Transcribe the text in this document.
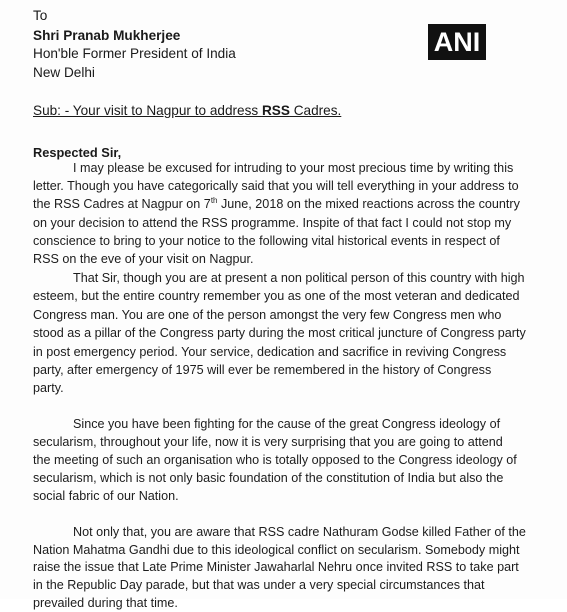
ANI
To
Shri Pranab Mukherjee
Hon'ble Former President of India
New Delhi
Sub: - Your visit to Nagpur to address RSS Cadres.
Respected Sir,
I may please be excused for intruding to your most precious time by writing this
letter. Though you have categorically said that you will tell everything in your address to
the RSS Cadres at Nagpur on 7th June, 2018 on the mixed reactions across the country
on your decision to attend the RSS programme. Inspite of that fact I could not stop my
conscience to bring to your notice to the following vital historical events in respect of
RSS on the eve of your visit on Nagpur.
That Sir, though you are at present a non political person of this country with high
esteem, but the entire country remember you as one of the most veteran and dedicated
Congress man. You are one of the person amongst the very few Congress men who
stood as a pillar of the Congress party during the most critical juncture of Congress party
in post emergency period. Your service, dedication and sacrifice in reviving Congress
party, after emergency of 1975 will ever be remembered in the history of Congress
party.
Since you have been fighting for the cause of the great Congress ideology of
secularism, throughout your life, now it is very surprising that you are going to attend
the meeting of such an organisation who is totally opposed to the Congress ideology of
secularism, which is not only basic foundation of the constitution of India but also the
social fabric of our Nation.
Not only that, you are aware that RSS cadre Nathuram Godse killed Father of the
Nation Mahatma Gandhi due to this ideological conflict on secularism. Somebody might
raise the issue that Late Prime Minister Jawaharlal Nehru once invited RSS to take part
in the Republic Day parade, but that was under a very special circumstances that
prevailed during that time.
